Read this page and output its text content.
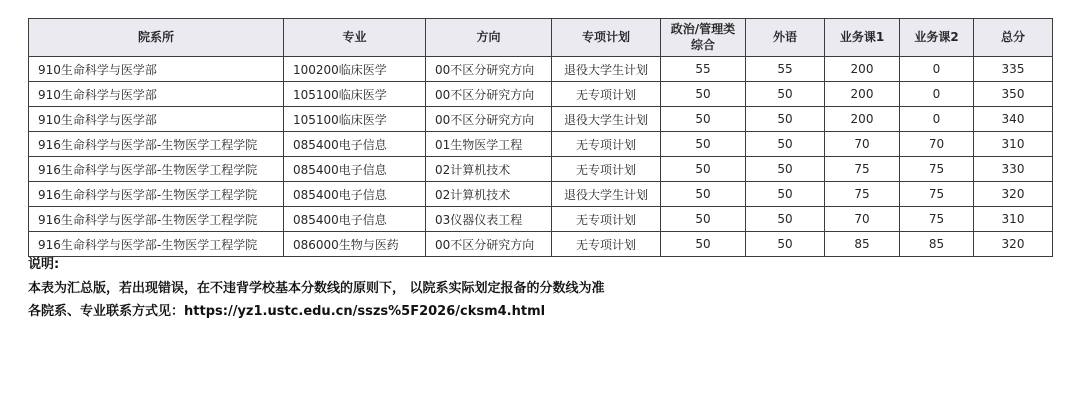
院系所	专业	方向	专项计划	政治/管理类综合	外语	业务课1	业务课2	总分
910生命科学与医学部	100200临床医学	00不区分研究方向	退役大学生计划	55	55	200	0	335
910生命科学与医学部	105100临床医学	00不区分研究方向	无专项计划	50	50	200	0	350
910生命科学与医学部	105100临床医学	00不区分研究方向	退役大学生计划	50	50	200	0	340
916生命科学与医学部-生物医学工程学院	085400电子信息	01生物医学工程	无专项计划	50	50	70	70	310
916生命科学与医学部-生物医学工程学院	085400电子信息	02计算机技术	无专项计划	50	50	75	75	330
916生命科学与医学部-生物医学工程学院	085400电子信息	02计算机技术	退役大学生计划	50	50	75	75	320
916生命科学与医学部-生物医学工程学院	085400电子信息	03仪器仪表工程	无专项计划	50	50	70	75	310
916生命科学与医学部-生物医学工程学院	086000生物与医药	00不区分研究方向	无专项计划	50	50	85	85	320
说明:
本表为汇总版，若出现错误，在不违背学校基本分数线的原则下， 以院系实际划定报备的分数线为准
各院系、专业联系方式见：https://yz1.ustc.edu.cn/sszs%5F2026/cksm4.html
